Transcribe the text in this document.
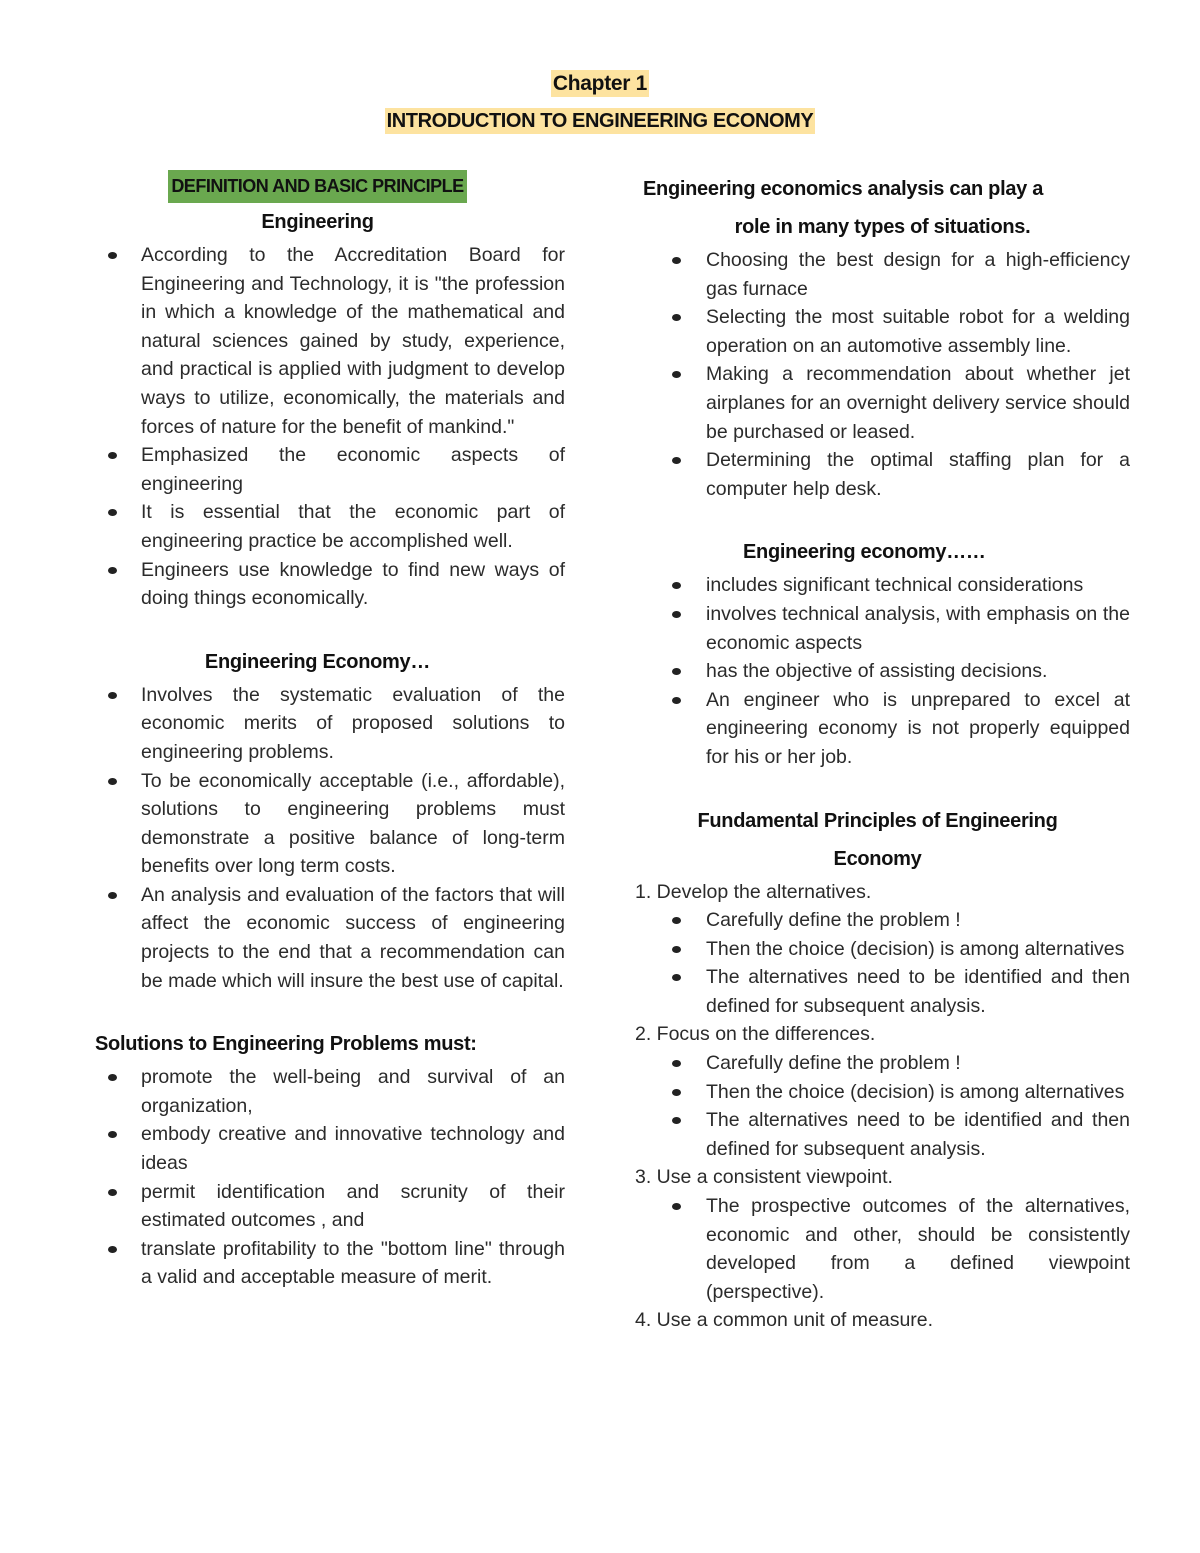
Chapter 1
INTRODUCTION TO ENGINEERING ECONOMY
DEFINITION AND BASIC PRINCIPLE
Engineering
According to the Accreditation Board for Engineering and Technology, it is "the profession in which a knowledge of the mathematical and natural sciences gained by study, experience, and practical is applied with judgment to develop ways to utilize, economically, the materials and forces of nature for the benefit of mankind."
Emphasized the economic aspects of engineering
It is essential that the economic part of engineering practice be accomplished well.
Engineers use knowledge to find new ways of doing things economically.
Engineering Economy…
Involves the systematic evaluation of the economic merits of proposed solutions to engineering problems.
To be economically acceptable (i.e., affordable), solutions to engineering problems must demonstrate a positive balance of long-term benefits over long term costs.
An analysis and evaluation of the factors that will affect the economic success of engineering projects to the end that a recommendation can be made which will insure the best use of capital.
Solutions to Engineering Problems must:
promote the well-being and survival of an organization,
embody creative and innovative technology and ideas
permit identification and scrunity of their estimated outcomes , and
translate profitability to the "bottom line" through a valid and acceptable measure of merit.
Engineering economics analysis can play a
role in many types of situations.
Choosing the best design for a high-efficiency gas furnace
Selecting the most suitable robot for a welding operation on an automotive assembly line.
Making a recommendation about whether jet airplanes for an overnight delivery service should be purchased or leased.
Determining the optimal staffing plan for a computer help desk.
Engineering economy……
includes significant technical considerations
involves technical analysis, with emphasis on the economic aspects
has the objective of assisting decisions.
An engineer who is unprepared to excel at engineering economy is not properly equipped for his or her job.
Fundamental Principles of Engineering
Economy
1. Develop the alternatives.
Carefully define the problem !
Then the choice (decision) is among alternatives
The alternatives need to be identified and then defined for subsequent analysis.
2. Focus on the differences.
Carefully define the problem !
Then the choice (decision) is among alternatives
The alternatives need to be identified and then defined for subsequent analysis.
3. Use a consistent viewpoint.
The prospective outcomes of the alternatives, economic and other, should be consistently developed from a defined viewpoint (perspective).
4. Use a common unit of measure.
